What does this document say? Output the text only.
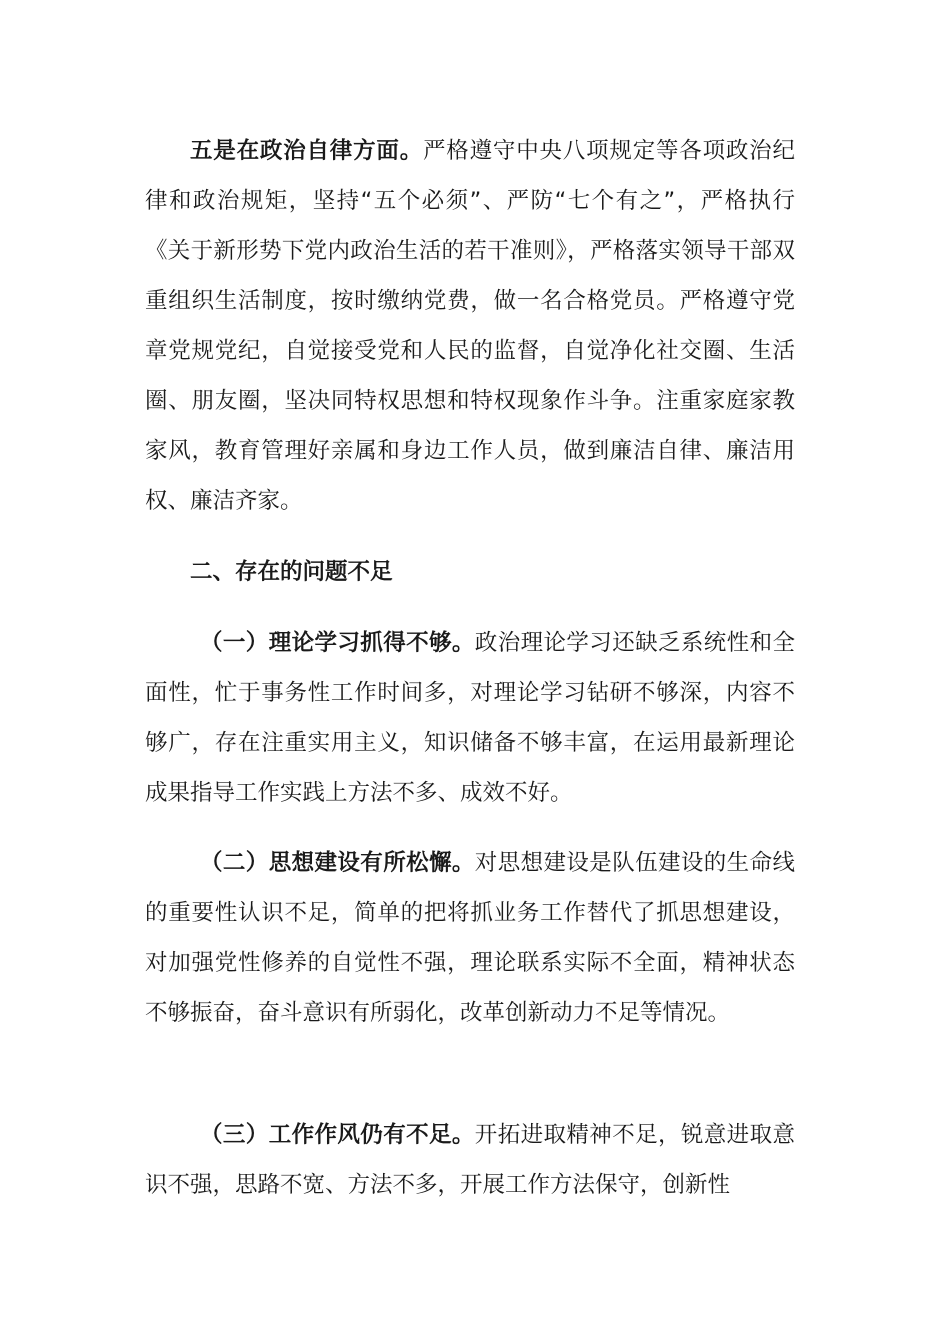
五是在政治自律方面。严格遵守中央八项规定等各项政治纪律和政治规矩，坚持“五个必须”、严防“七个有之”，严格执行《关于新形势下党内政治生活的若干准则》，严格落实领导干部双重组织生活制度，按时缴纳党费，做一名合格党员。严格遵守党章党规党纪，自觉接受党和人民的监督，自觉净化社交圈、生活圈、朋友圈，坚决同特权思想和特权现象作斗争。注重家庭家教家风，教育管理好亲属和身边工作人员，做到廉洁自律、廉洁用权、廉洁齐家。

二、存在的问题不足

（一）理论学习抓得不够。政治理论学习还缺乏系统性和全面性，忙于事务性工作时间多，对理论学习钻研不够深，内容不够广，存在注重实用主义，知识储备不够丰富，在运用最新理论成果指导工作实践上方法不多、成效不好。

（二）思想建设有所松懈。对思想建设是队伍建设的生命线的重要性认识不足，简单的把将抓业务工作替代了抓思想建设，对加强党性修养的自觉性不强，理论联系实际不全面，精神状态不够振奋，奋斗意识有所弱化，改革创新动力不足等情况。

（三）工作作风仍有不足。开拓进取精神不足，锐意进取意识不强，思路不宽、方法不多，开展工作方法保守，创新性
